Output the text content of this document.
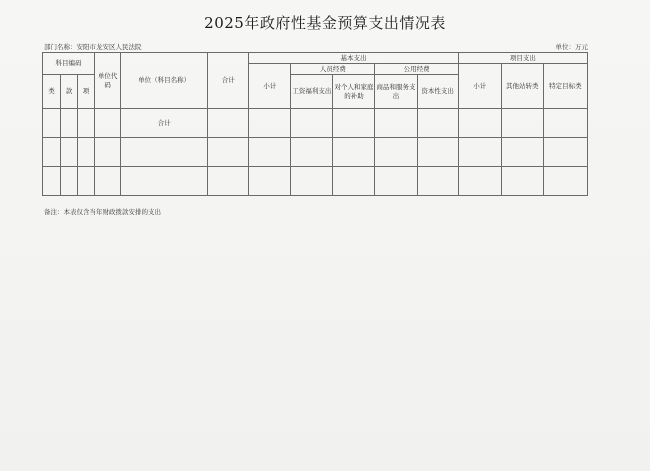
2025年政府性基金预算支出情况表
部门名称：安阳市龙安区人民法院	单位：万元
科目编码			单位代码	单位（科目名称）	合计	基本支出					项目支出		
						小计	人员经费		公用经费		小计	其他站转类	特定目标类
类	款	项					工资福利支出	对个人和家庭的补助	商品和服务支出	资本性支出			

				合计									

备注：本表仅含当年财政拨款安排的支出
